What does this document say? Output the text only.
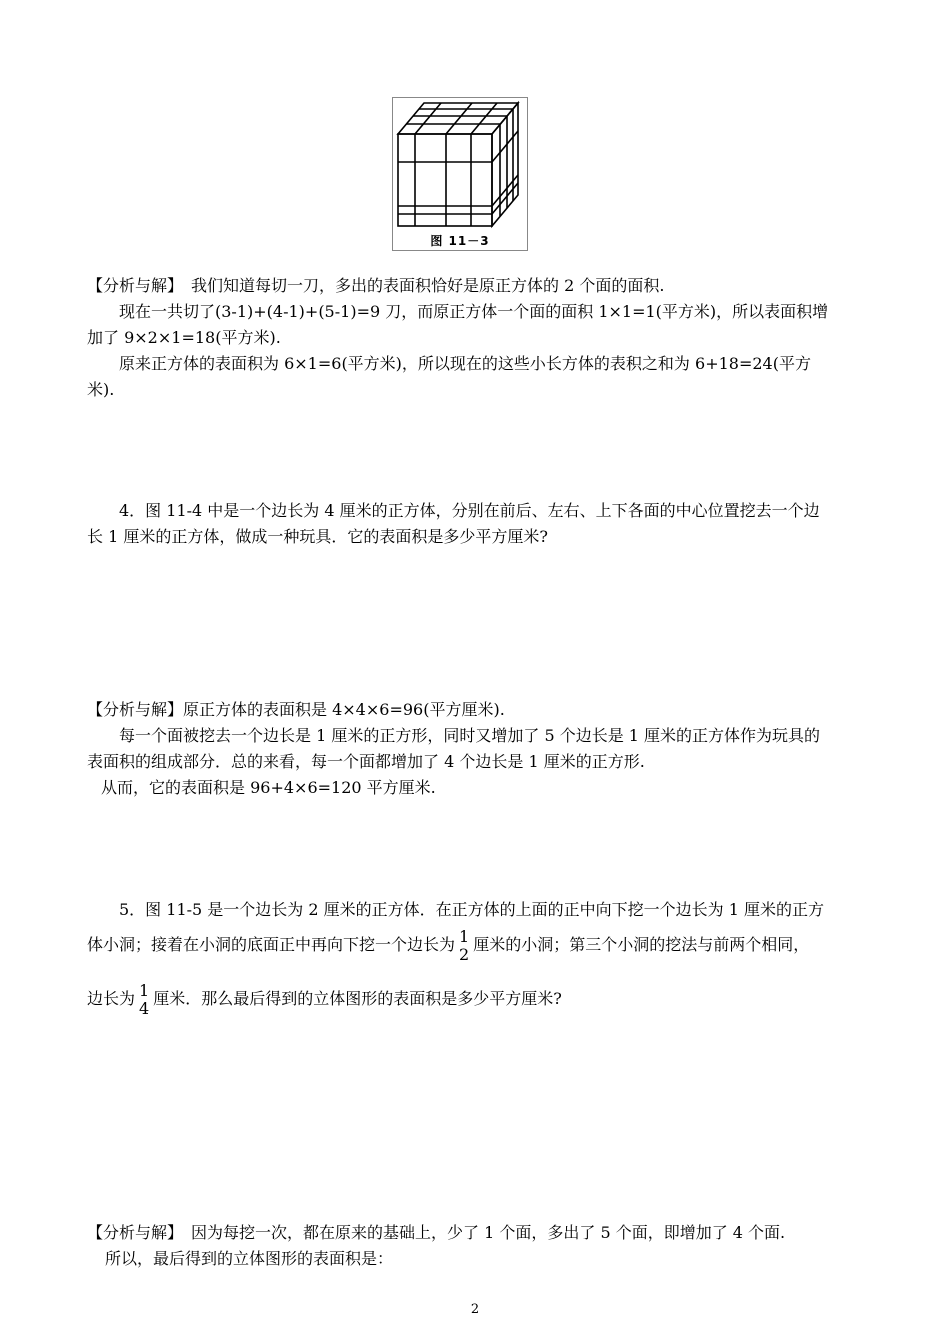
图 11－3
【分析与解】　我们知道每切一刀，多出的表面积恰好是原正方体的 2 个面的面积.
现在一共切了(3-1)+(4-1)+(5-1)=9 刀，而原正方体一个面的面积 1×1=1(平方米)，所以表面积增
加了 9×2×1=18(平方米).
原来正方体的表面积为 6×1=6(平方米)，所以现在的这些小长方体的表积之和为 6+18=24(平方
米).
4．图 11-4 中是一个边长为 4 厘米的正方体，分别在前后、左右、上下各面的中心位置挖去一个边
长 1 厘米的正方体，做成一种玩具．它的表面积是多少平方厘米?
【分析与解】原正方体的表面积是 4×4×6=96(平方厘米).
每一个面被挖去一个边长是 1 厘米的正方形，同时又增加了 5 个边长是 1 厘米的正方体作为玩具的
表面积的组成部分．总的来看，每一个面都增加了 4 个边长是 1 厘米的正方形.
从而，它的表面积是 96+4×6=120 平方厘米.
5．图 11-5 是一个边长为 2 厘米的正方体．在正方体的上面的正中向下挖一个边长为 1 厘米的正方
体小洞；接着在小洞的底面正中再向下挖一个边长为 1
2 厘米的小洞；第三个小洞的挖法与前两个相同，
边长为 1
4 厘米．那么最后得到的立体图形的表面积是多少平方厘米?
【分析与解】　因为每挖一次，都在原来的基础上，少了 1 个面，多出了 5 个面，即增加了 4 个面.
所以，最后得到的立体图形的表面积是：
2
